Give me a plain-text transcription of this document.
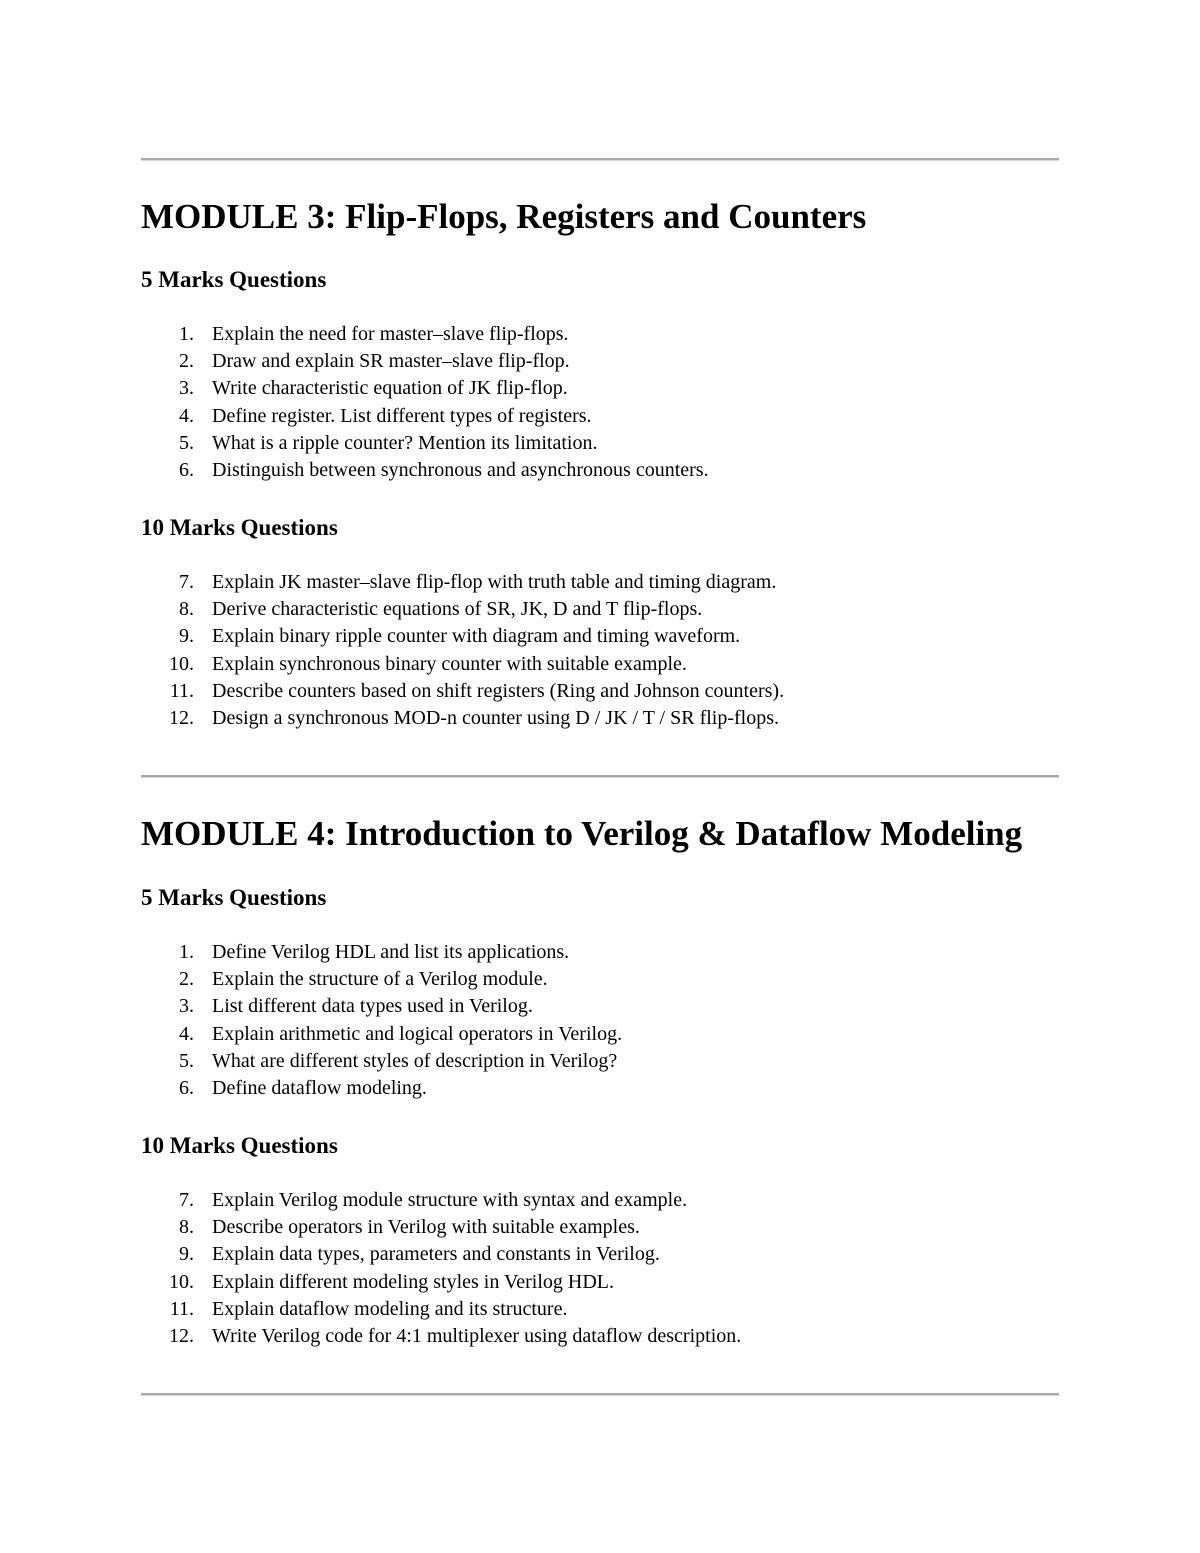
MODULE 3: Flip-Flops, Registers and Counters
5 Marks Questions
1. Explain the need for master–slave flip-flops.
2. Draw and explain SR master–slave flip-flop.
3. Write characteristic equation of JK flip-flop.
4. Define register. List different types of registers.
5. What is a ripple counter? Mention its limitation.
6. Distinguish between synchronous and asynchronous counters.
10 Marks Questions
7. Explain JK master–slave flip-flop with truth table and timing diagram.
8. Derive characteristic equations of SR, JK, D and T flip-flops.
9. Explain binary ripple counter with diagram and timing waveform.
10. Explain synchronous binary counter with suitable example.
11. Describe counters based on shift registers (Ring and Johnson counters).
12. Design a synchronous MOD-n counter using D / JK / T / SR flip-flops.
MODULE 4: Introduction to Verilog & Dataflow Modeling
5 Marks Questions
1. Define Verilog HDL and list its applications.
2. Explain the structure of a Verilog module.
3. List different data types used in Verilog.
4. Explain arithmetic and logical operators in Verilog.
5. What are different styles of description in Verilog?
6. Define dataflow modeling.
10 Marks Questions
7. Explain Verilog module structure with syntax and example.
8. Describe operators in Verilog with suitable examples.
9. Explain data types, parameters and constants in Verilog.
10. Explain different modeling styles in Verilog HDL.
11. Explain dataflow modeling and its structure.
12. Write Verilog code for 4:1 multiplexer using dataflow description.
